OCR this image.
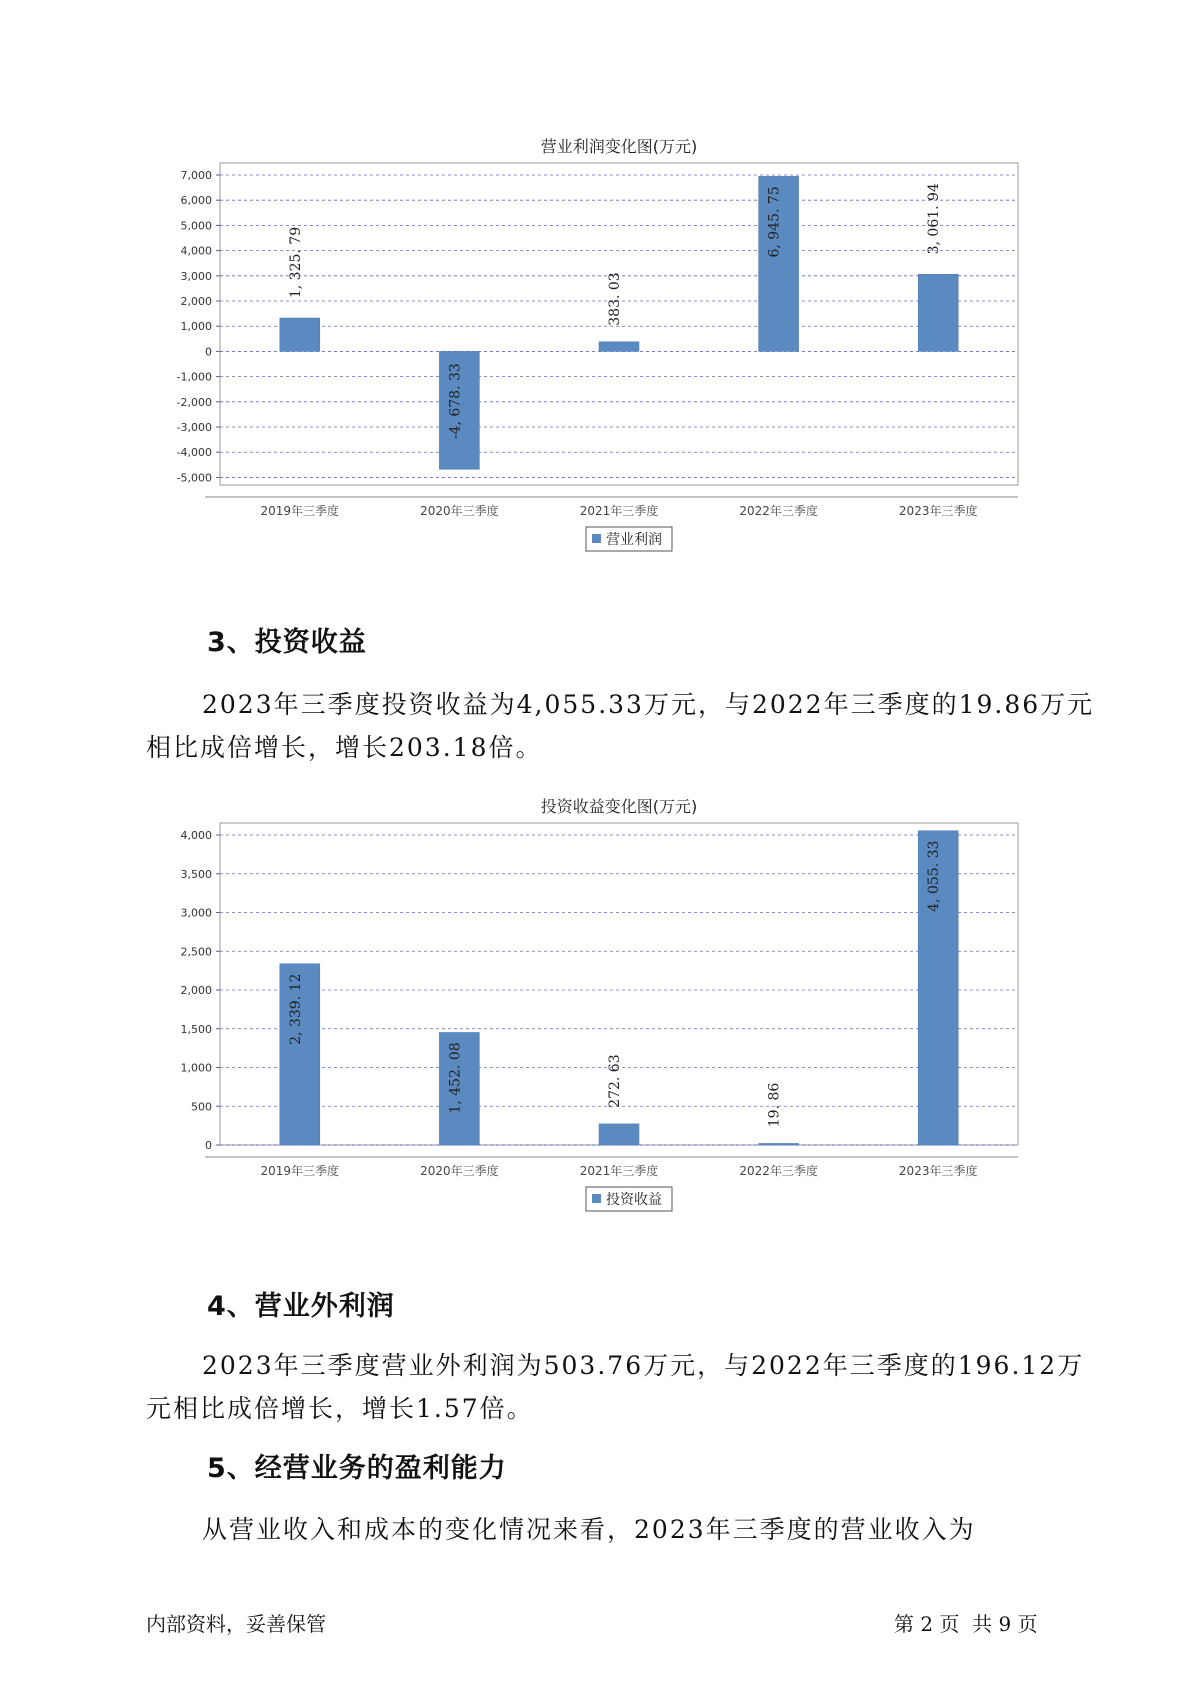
营业利润变化图(万元)
7,000
6,000
5,000
4,000
3,000
2,000
1,000
0
-1,000
-2,000
-3,000
-4,000
-5,000
1, 325. 79
2019年三季度
-4, 678. 33
2020年三季度
383. 03
2021年三季度
6, 945. 75
2022年三季度
3, 061. 94
2023年三季度
营业利润
3、投资收益
2023年三季度投资收益为4,055.33万元，与2022年三季度的19.86万元
相比成倍增长，增长203.18倍。
投资收益变化图(万元)
4,000
3,500
3,000
2,500
2,000
1,500
1,000
500
0
2, 339. 12
2019年三季度
1, 452. 08
2020年三季度
272. 63
2021年三季度
19. 86
2022年三季度
4, 055. 33
2023年三季度
投资收益
4、营业外利润
2023年三季度营业外利润为503.76万元，与2022年三季度的196.12万
元相比成倍增长，增长1.57倍。
5、经营业务的盈利能力
从营业收入和成本的变化情况来看，2023年三季度的营业收入为
内部资料，妥善保管	第 2 页  共 9 页
